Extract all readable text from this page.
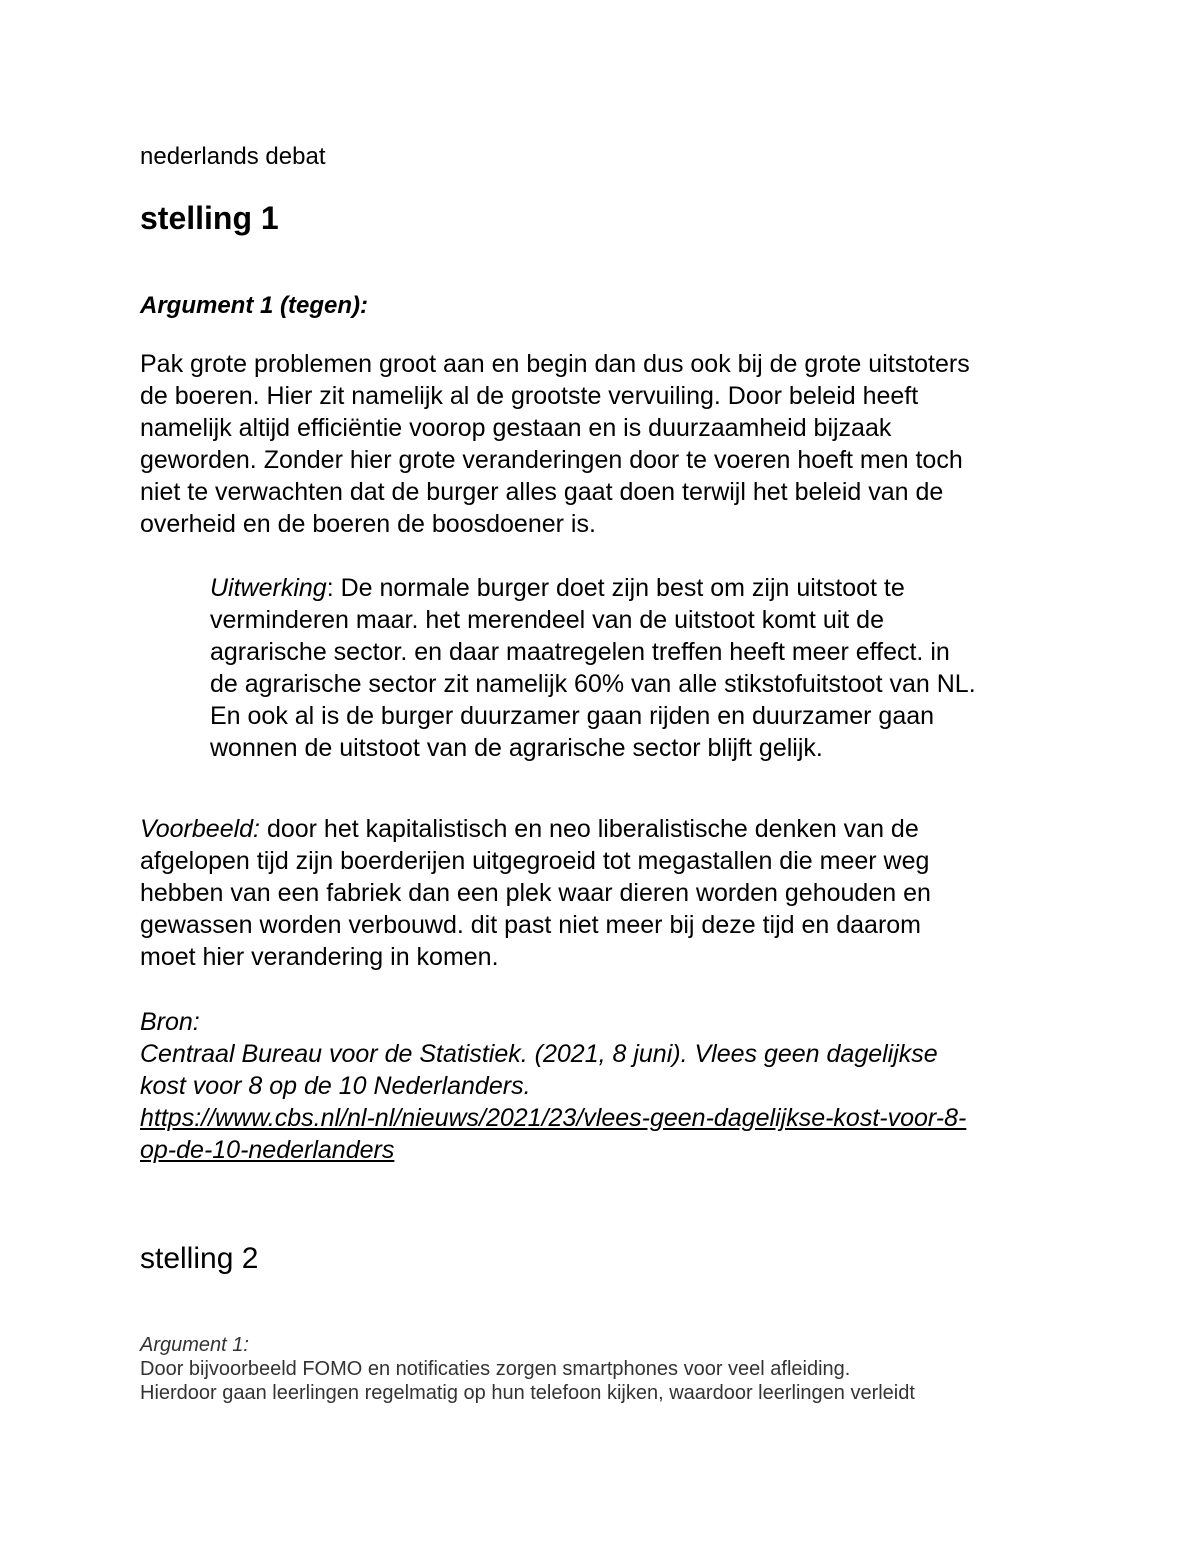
nederlands debat

stelling 1
Argument 1 (tegen):
Pak grote problemen groot aan en begin dan dus ook bij de grote uitstoters
de boeren. Hier zit namelijk al de grootste vervuiling. Door beleid heeft
namelijk altijd efficiëntie voorop gestaan en is duurzaamheid bijzaak
geworden. Zonder hier grote veranderingen door te voeren hoeft men toch
niet te verwachten dat de burger alles gaat doen terwijl het beleid van de
overheid en de boeren de boosdoener is.
Uitwerking: De normale burger doet zijn best om zijn uitstoot te
verminderen maar. het merendeel van de uitstoot komt uit de
agrarische sector. en daar maatregelen treffen heeft meer effect. in
de agrarische sector zit namelijk 60% van alle stikstofuitstoot van NL.
En ook al is de burger duurzamer gaan rijden en duurzamer gaan
wonnen de uitstoot van de agrarische sector blijft gelijk.
Voorbeeld: door het kapitalistisch en neo liberalistische denken van de
afgelopen tijd zijn boerderijen uitgegroeid tot megastallen die meer weg
hebben van een fabriek dan een plek waar dieren worden gehouden en
gewassen worden verbouwd. dit past niet meer bij deze tijd en daarom
moet hier verandering in komen.
Bron:
Centraal Bureau voor de Statistiek. (2021, 8 juni). Vlees geen dagelijkse
kost voor 8 op de 10 Nederlanders.
https://www.cbs.nl/nl-nl/nieuws/2021/23/vlees-geen-dagelijkse-kost-voor-8-
op-de-10-nederlanders
stelling 2
Argument 1:
Door bijvoorbeeld FOMO en notificaties zorgen smartphones voor veel afleiding.
Hierdoor gaan leerlingen regelmatig op hun telefoon kijken, waardoor leerlingen verleidt
